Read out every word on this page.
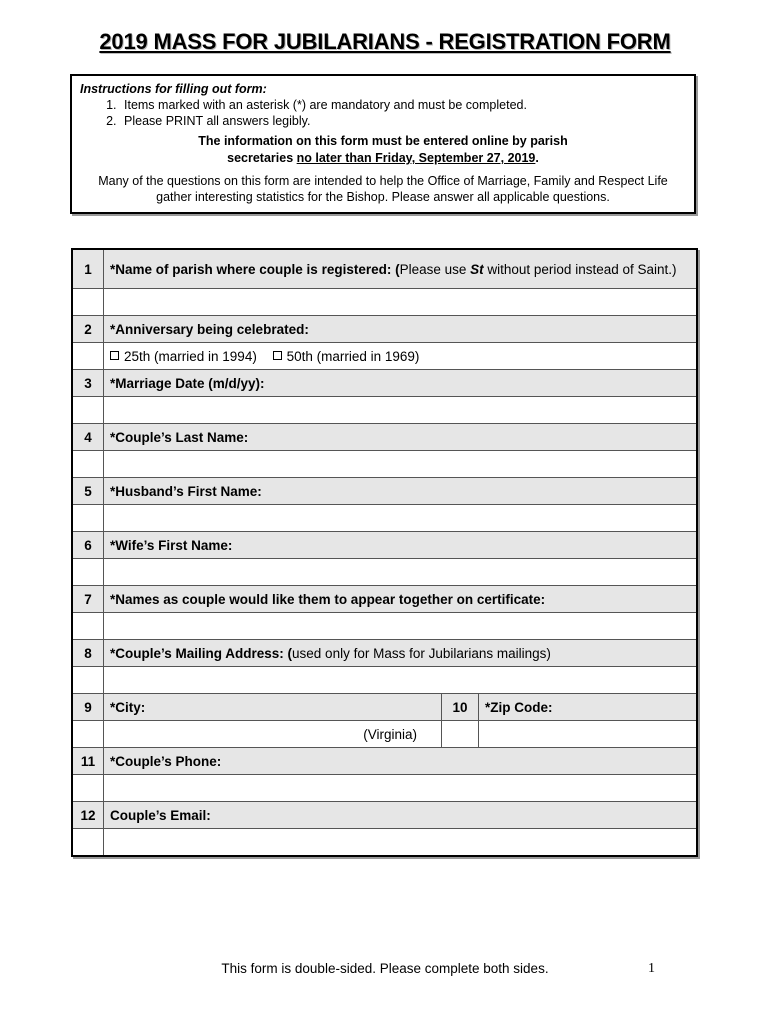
2019 MASS FOR JUBILARIANS - REGISTRATION FORM
Instructions for filling out form:
1. Items marked with an asterisk (*) are mandatory and must be completed.
2. Please PRINT all answers legibly.
The information on this form must be entered online by parish
secretaries no later than Friday, September 27, 2019.
Many of the questions on this form are intended to help the Office of Marriage, Family and Respect Life gather interesting statistics for the Bishop. Please answer all applicable questions.
1	*Name of parish where couple is registered: (Please use St without period instead of Saint.)		

2	*Anniversary being celebrated:		
	25th (married in 1994) 50th (married in 1969)		
3	*Marriage Date (m/d/yy):		

4	*Couple’s Last Name:		

5	*Husband’s First Name:		

6	*Wife’s First Name:		

7	*Names as couple would like them to appear together on certificate:		

8	*Couple’s Mailing Address: (used only for Mass for Jubilarians mailings)		

9	*City:	10	*Zip Code:
	(Virginia)		
11	*Couple’s Phone:		

12	Couple’s Email:		

This form is double-sided. Please complete both sides.	1
